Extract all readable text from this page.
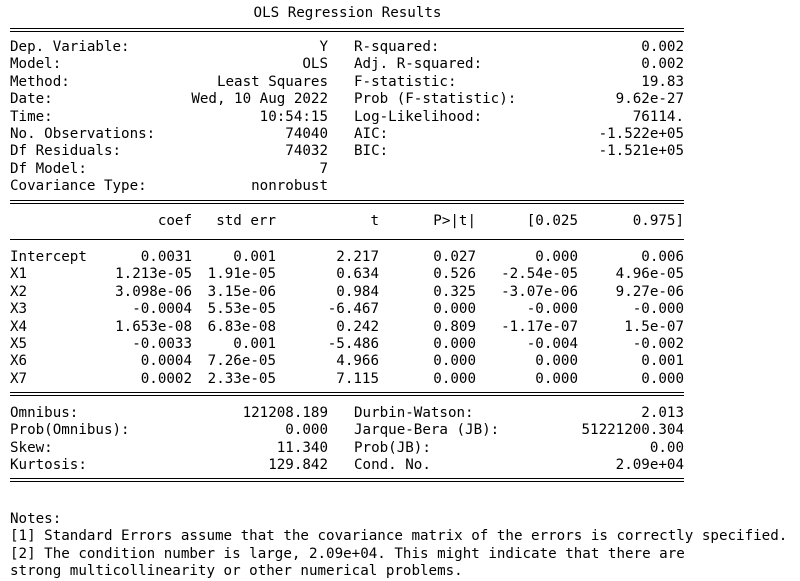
OLS Regression Results
Dep. Variable:	Y R-squared:	0.002
Model:	OLS Adj. R-squared:	0.002
Method:	Least Squares F-statistic:	19.83
Date:	Wed, 10 Aug 2022 Prob (F-statistic):	9.62e-27
Time:	10:54:15 Log-Likelihood:	76114.
No. Observations:	74040 AIC:	-1.522e+05
Df Residuals:	74032 BIC:	-1.521e+05
Df Model:	7
Covariance Type:	nonrobust
coef	std err	t	P>|t|	[0.025	0.975]
Intercept	0.0031	0.001	2.217	0.027	0.000	0.006
X1	1.213e-05	1.91e-05	0.634	0.526	-2.54e-05	4.96e-05
X2	3.098e-06	3.15e-06	0.984	0.325	-3.07e-06	9.27e-06
X3	-0.0004	5.53e-05	-6.467	0.000	-0.000	-0.000
X4	1.653e-08	6.83e-08	0.242	0.809	-1.17e-07	1.5e-07
X5	-0.0033	0.001	-5.486	0.000	-0.004	-0.002
X6	0.0004	7.26e-05	4.966	0.000	0.000	0.001
X7	0.0002	2.33e-05	7.115	0.000	0.000	0.000
Omnibus:	121208.189 Durbin-Watson:	2.013
Prob(Omnibus):	0.000 Jarque-Bera (JB):	51221200.304
Skew:	11.340 Prob(JB):	0.00
Kurtosis:	129.842 Cond. No.	2.09e+04
Notes:
[1] Standard Errors assume that the covariance matrix of the errors is correctly specified.
[2] The condition number is large, 2.09e+04. This might indicate that there are
strong multicollinearity or other numerical problems.
